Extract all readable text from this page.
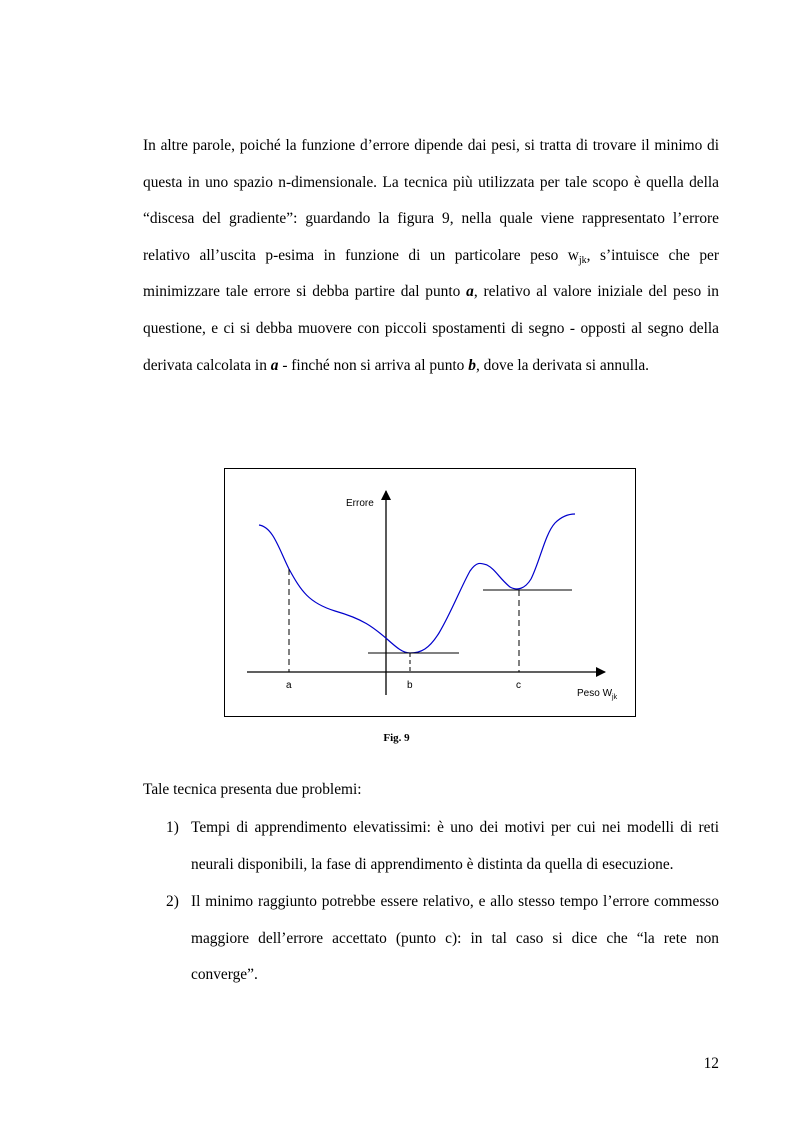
In altre parole, poiché la funzione d’errore dipende dai pesi, si tratta di trovare il minimo di questa in uno spazio n-dimensionale. La tecnica più utilizzata per tale scopo è quella della “discesa del gradiente”: guardando la figura 9, nella quale viene rappresentato l’errore relativo all’uscita p-esima in funzione di un particolare peso $w_{jk}$, s’intuisce che per minimizzare tale errore si debba partire dal punto a, relativo al valore iniziale del peso in questione, e ci si debba muovere con piccoli spostamenti di segno - opposti al segno della derivata calcolata in a - finché non si arriva al punto b, dove la derivata si annulla.

Errore
a	b	c
Peso $W_{jk}$

Fig. 9

Tale tecnica presenta due problemi:

1) Tempi di apprendimento elevatissimi: è uno dei motivi per cui nei modelli di reti neurali disponibili, la fase di apprendimento è distinta da quella di esecuzione.
2) Il minimo raggiunto potrebbe essere relativo, e allo stesso tempo l’errore commesso maggiore dell’errore accettato (punto c): in tal caso si dice che “la rete non converge”.

12
